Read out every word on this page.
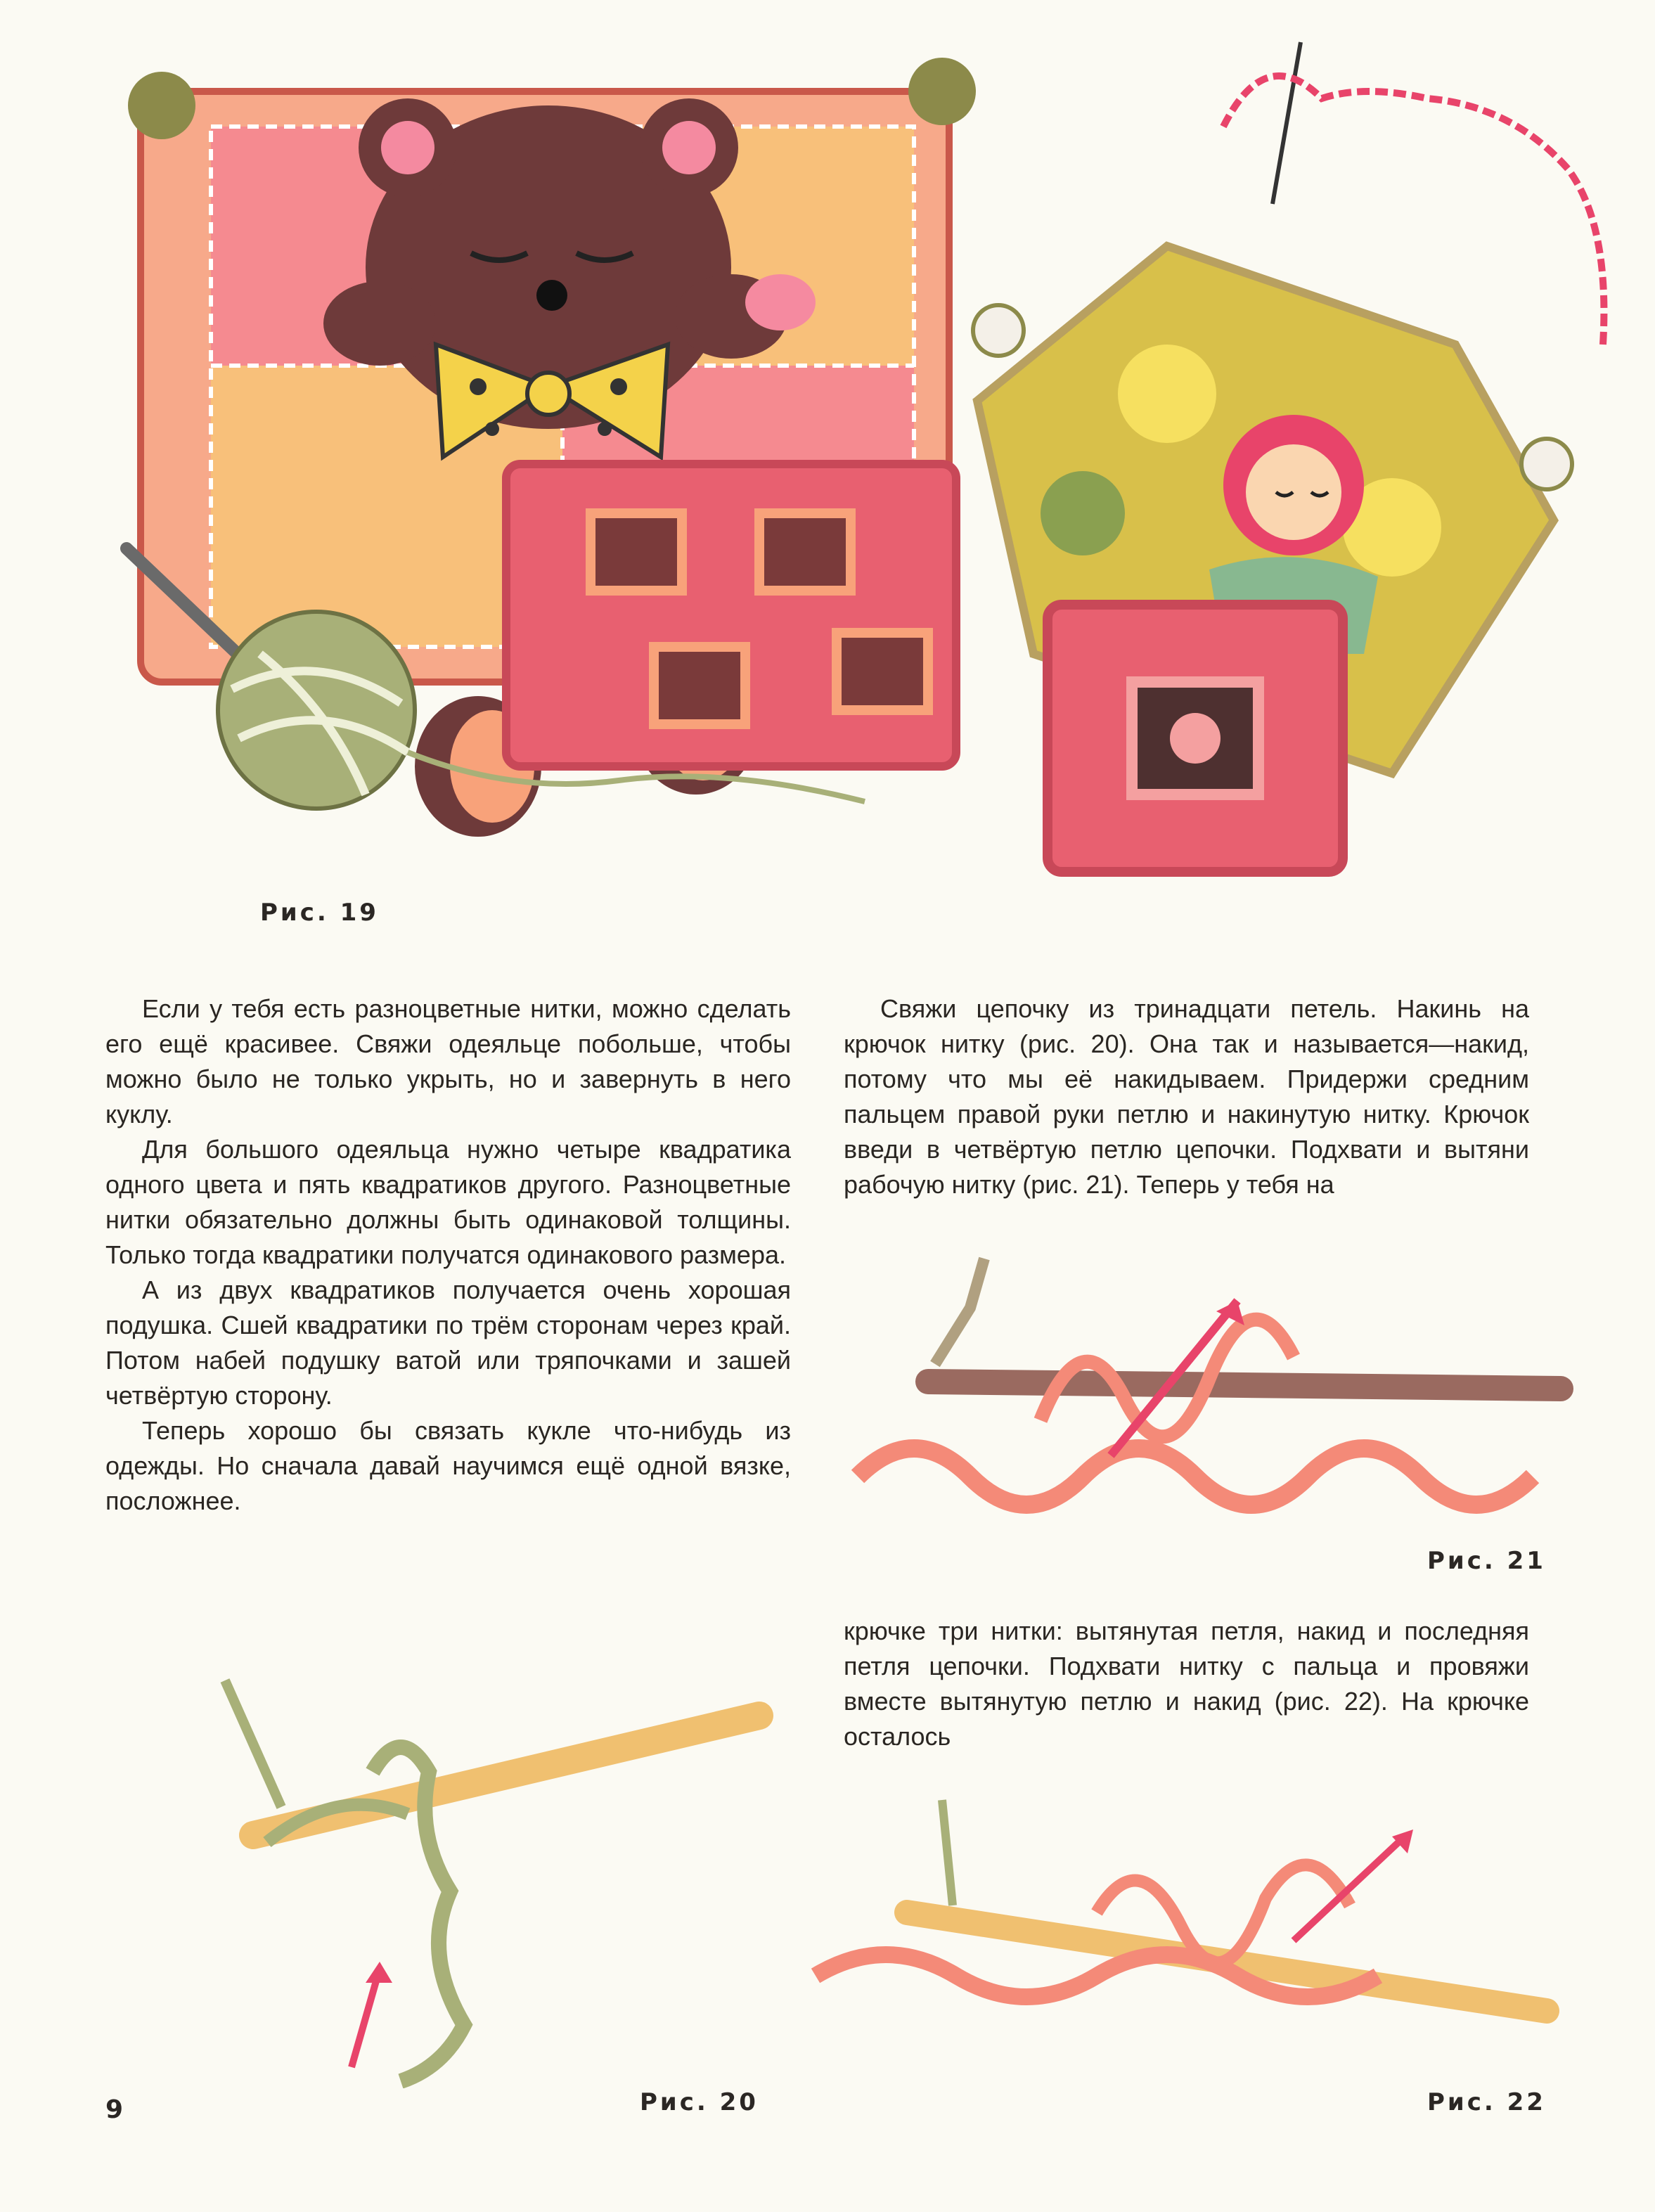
Рис. 19

Если у тебя есть разноцветные нитки, можно сделать его ещё красивее. Свяжи одеяльце побольше, чтобы можно было не только укрыть, но и завернуть в него куклу.

Для большого одеяльца нужно четыре квадратика одного цвета и пять квадратиков другого. Разноцветные нитки обязательно должны быть одинаковой толщины. Только тогда квадратики получатся одинакового размера.

А из двух квадратиков получается очень хорошая подушка. Сшей квадратики по трём сторонам через край. Потом набей подушку ватой или тряпочками и зашей четвёртую сторону.

Теперь хорошо бы связать кукле что-нибудь из одежды. Но сначала давай научимся ещё одной вязке, посложнее.

Свяжи цепочку из тринадцати петель. Накинь на крючок нитку (рис. 20). Она так и называется—накид, потому что мы её накидываем. Придержи средним пальцем правой руки петлю и накинутую нитку. Крючок введи в четвёртую петлю цепочки. Подхвати и вытяни рабочую нитку (рис. 21). Теперь у тебя на

Рис. 21

крючке три нитки: вытянутая петля, накид и последняя петля цепочки. Подхвати нитку с пальца и провяжи вместе вытянутую петлю и накид (рис. 22). На крючке осталось

Рис. 20	Рис. 22
9
